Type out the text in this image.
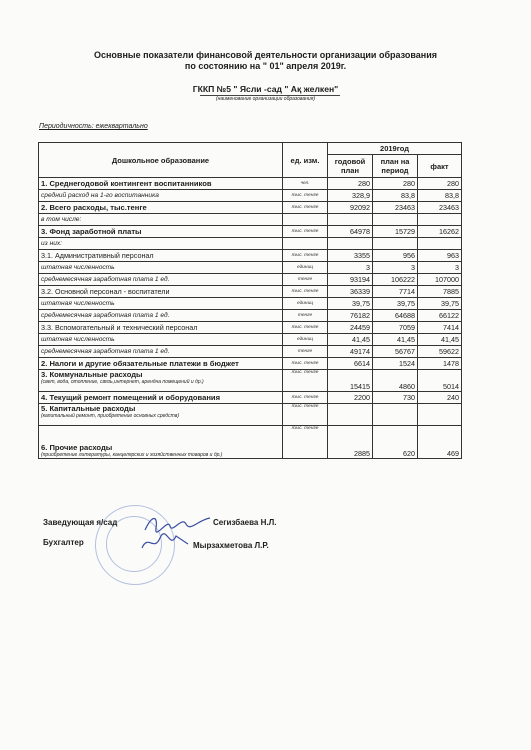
Основные показатели финансовой деятельности организации образования
по состоянию на " 01" апреля 2019г.
ГККП №5 " Ясли -сад " Ақ желкен"
(наименование организации образования)
Периодичность: ежеквартально
Дошкольное образование	ед. изм.	2019год		
		годовой план	план на период	факт
1. Среднегодовой контингент воспитанников	чел.	280	280	280
средний расход на 1-го воспитанника	тыс. тенге	328,9	83,8	83,8
2. Всего расходы, тыс.тенге	тыс. тенге	92092	23463	23463
в том числе:				
3. Фонд заработной платы	тыс. тенге	64978	15729	16262
из них:				
3.1. Административный персонал	тыс. тенге	3355	956	963
штатная численность	единиц	3	3	3
среднемесячная заработная плата 1 ед.	тенге	93194	106222	107000
3.2. Основной персонал - воспитатели	тыс. тенге	36339	7714	7885
штатная численность	единиц	39,75	39,75	39,75
среднемесячная заработная плата 1 ед.	тенге	76182	64688	66122
3.3. Вспомогательный и технический персонал	тыс. тенге	24459	7059	7414
штатная численность	единиц	41,45	41,45	41,45
среднемесячная заработная плата 1 ед.	тенге	49174	56767	59622
2. Налоги и другие обязательные платежи в бюджет	тыс. тенге	6614	1524	1478
3. Коммунальные расходы
(свет, вода, отопление, связь,интернет, арендна помещений и др.)	тыс. тенге	15415	4860	5014
4. Текущий ремонт помещений и оборудования	тыс. тенге	2200	730	240
5. Капитальные расходы
(капитальный ремонт, приобретение основных средств)	тыс. тенге			
6. Прочие расходы
(приобретение литературы, канцелярских и хозяйственных товаров и др.)	тыс. тенге	2885	620	469
Заведующая я/сад	Сегизбаева Н.Л.
Бухгалтер	Мырзахметова Л.Р.
